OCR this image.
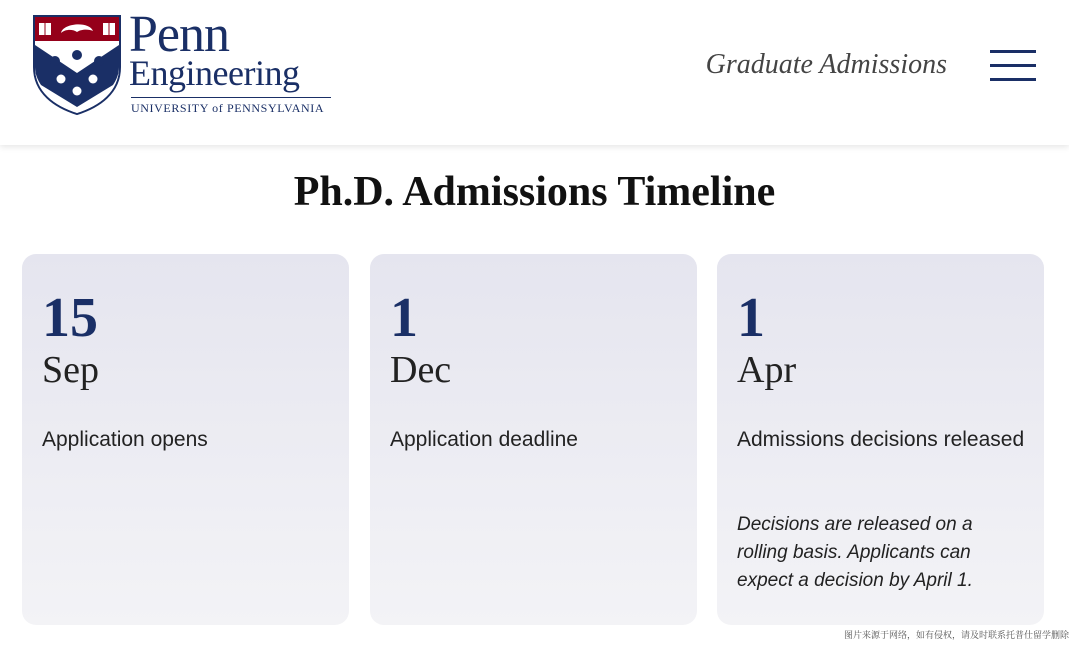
Penn
Engineering
UNIVERSITY of PENNSYLVANIA
Graduate Admissions
Ph.D. Admissions Timeline
15
Sep
Application opens
1
Dec
Application deadline
1
Apr
Admissions decisions released
Decisions are released on a rolling basis. Applicants can expect a decision by April 1.
图片来源于网络，如有侵权，请及时联系托普仕留学删除
